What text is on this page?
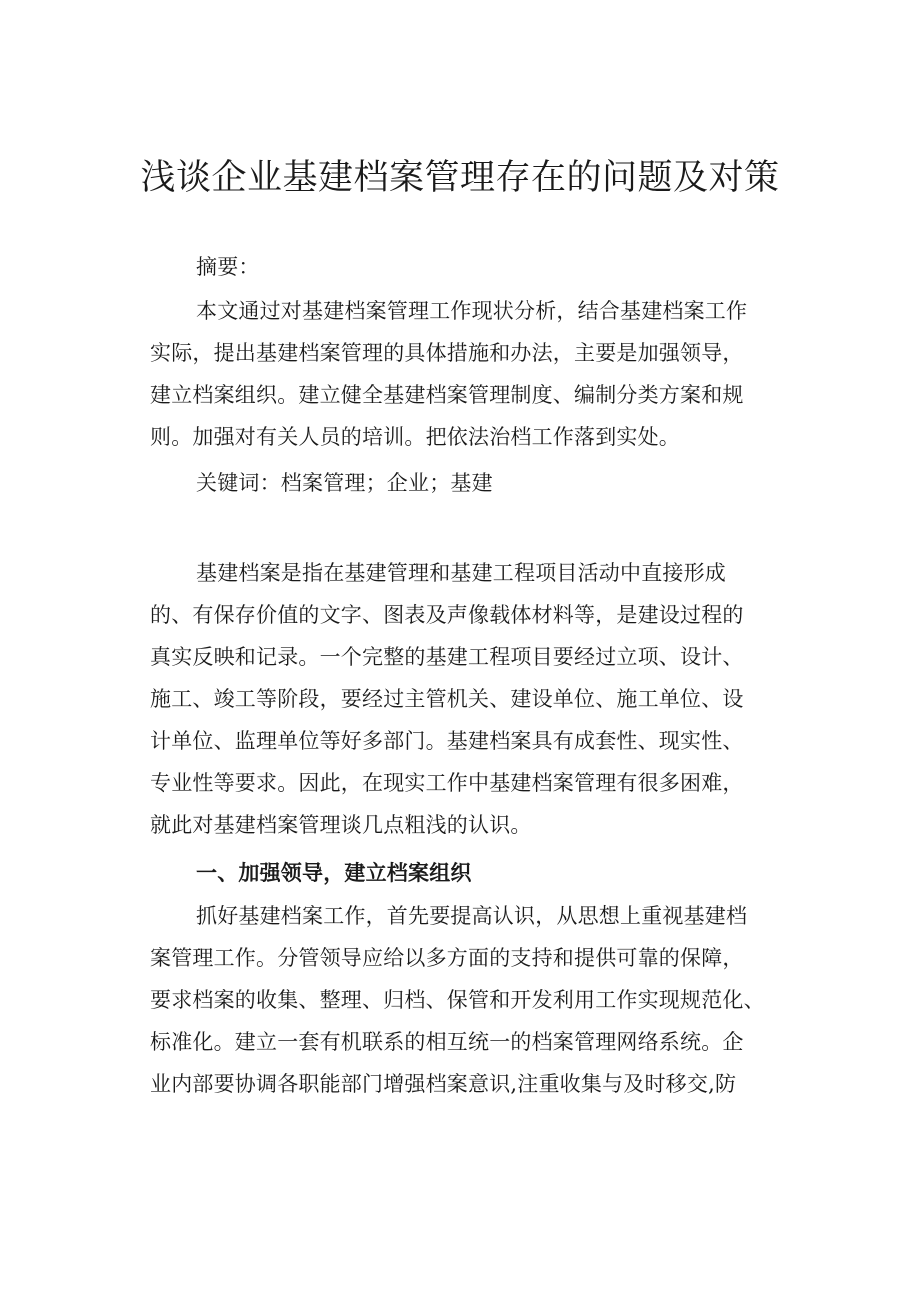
浅谈企业基建档案管理存在的问题及对策
摘要：
本文通过对基建档案管理工作现状分析，结合基建档案工作
实际，提出基建档案管理的具体措施和办法，主要是加强领导，
建立档案组织。建立健全基建档案管理制度、编制分类方案和规
则。加强对有关人员的培训。把依法治档工作落到实处。
关键词：档案管理；企业；基建
基建档案是指在基建管理和基建工程项目活动中直接形成
的、有保存价值的文字、图表及声像载体材料等，是建设过程的
真实反映和记录。一个完整的基建工程项目要经过立项、设计、
施工、竣工等阶段，要经过主管机关、建设单位、施工单位、设
计单位、监理单位等好多部门。基建档案具有成套性、现实性、
专业性等要求。因此，在现实工作中基建档案管理有很多困难，
就此对基建档案管理谈几点粗浅的认识。
一、加强领导，建立档案组织
抓好基建档案工作，首先要提高认识，从思想上重视基建档
案管理工作。分管领导应给以多方面的支持和提供可靠的保障，
要求档案的收集、整理、归档、保管和开发利用工作实现规范化、
标准化。建立一套有机联系的相互统一的档案管理网络系统。企
业内部要协调各职能部门增强档案意识,注重收集与及时移交,防
